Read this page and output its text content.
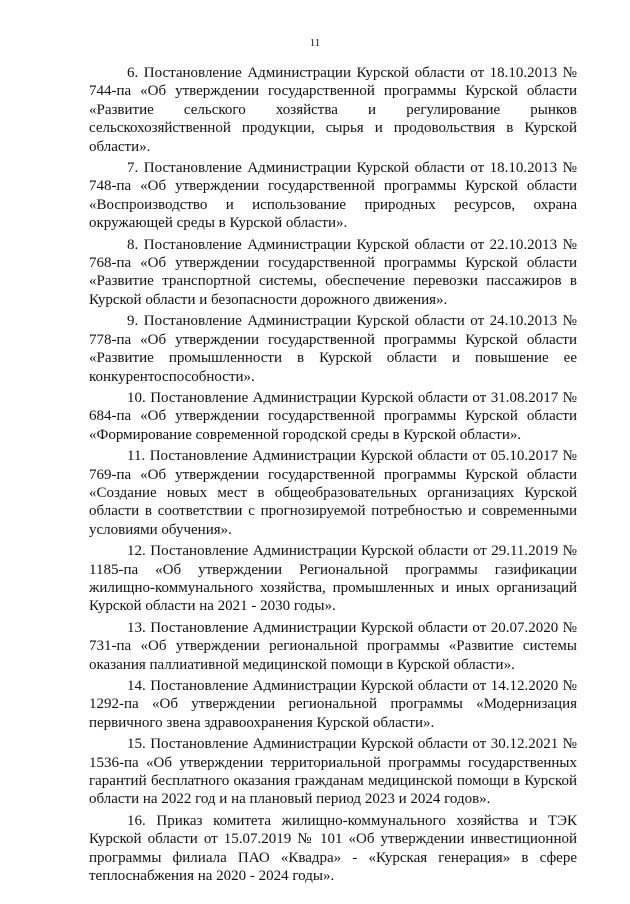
11

6. Постановление Администрации Курской области от 18.10.2013 № 744-па «Об утверждении государственной программы Курской области «Развитие сельского хозяйства и регулирование рынков сельскохозяйственной продукции, сырья и продовольствия в Курской области».

7. Постановление Администрации Курской области от 18.10.2013 № 748-па «Об утверждении государственной программы Курской области «Воспроизводство и использование природных ресурсов, охрана окружающей среды в Курской области».

8. Постановление Администрации Курской области от 22.10.2013 № 768-па «Об утверждении государственной программы Курской области «Развитие транспортной системы, обеспечение перевозки пассажиров в Курской области и безопасности дорожного движения».

9. Постановление Администрации Курской области от 24.10.2013 № 778-па «Об утверждении государственной программы Курской области «Развитие промышленности в Курской области и повышение ее конкурентоспособности».

10. Постановление Администрации Курской области от 31.08.2017 № 684-па «Об утверждении государственной программы Курской области «Формирование современной городской среды в Курской области».

11. Постановление Администрации Курской области от 05.10.2017 № 769-па «Об утверждении государственной программы Курской области «Создание новых мест в общеобразовательных организациях Курской области в соответствии с прогнозируемой потребностью и современными условиями обучения».

12. Постановление Администрации Курской области от 29.11.2019 № 1185-па «Об утверждении Региональной программы газификации жилищно-коммунального хозяйства, промышленных и иных организаций Курской области на 2021 - 2030 годы».

13. Постановление Администрации Курской области от 20.07.2020 № 731-па «Об утверждении региональной программы «Развитие системы оказания паллиативной медицинской помощи в Курской области».

14. Постановление Администрации Курской области от 14.12.2020 № 1292-па «Об утверждении региональной программы «Модернизация первичного звена здравоохранения Курской области».

15. Постановление Администрации Курской области от 30.12.2021 № 1536-па «Об утверждении территориальной программы государственных гарантий бесплатного оказания гражданам медицинской помощи в Курской области на 2022 год и на плановый период 2023 и 2024 годов».

16. Приказ комитета жилищно-коммунального хозяйства и ТЭК Курской области от 15.07.2019 № 101 «Об утверждении инвестиционной программы филиала ПАО «Квадра» - «Курская генерация» в сфере теплоснабжения на 2020 - 2024 годы».
